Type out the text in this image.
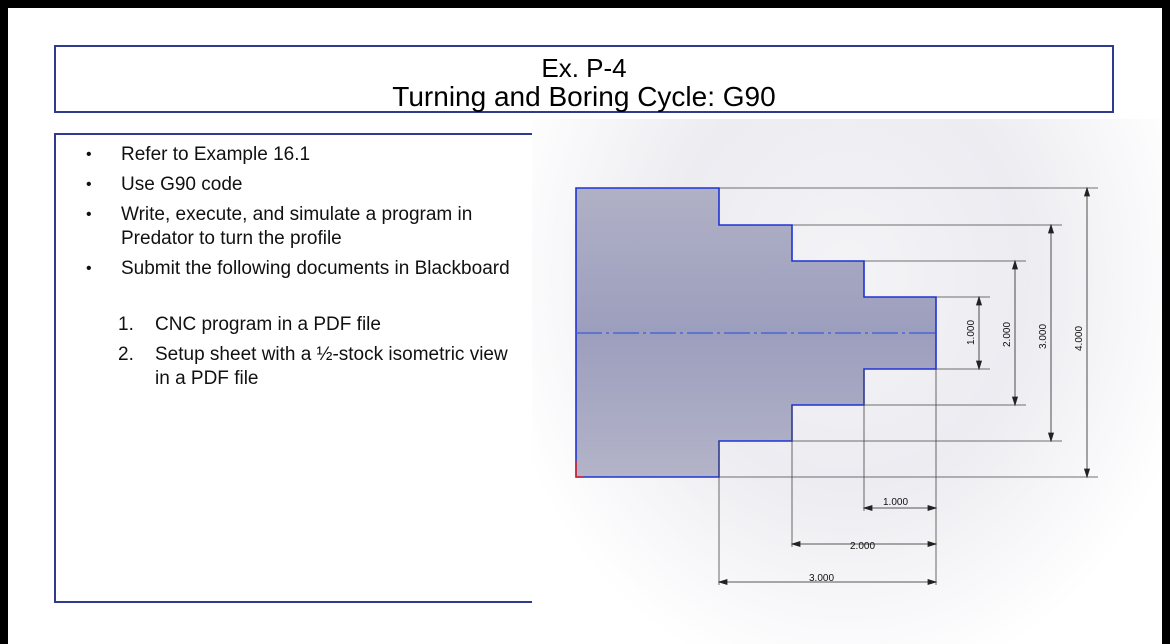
Ex. P-4
Turning and Boring Cycle: G90
• Refer to Example 16.1
• Use G90 code
• Write, execute, and simulate a program in Predator to turn the profile
• Submit the following documents in Blackboard
1. CNC program in a PDF file
2. Setup sheet with a ½-stock isometric view in a PDF file
1.000
2.000
3.000
1.000	2.000	3.000	4.000
